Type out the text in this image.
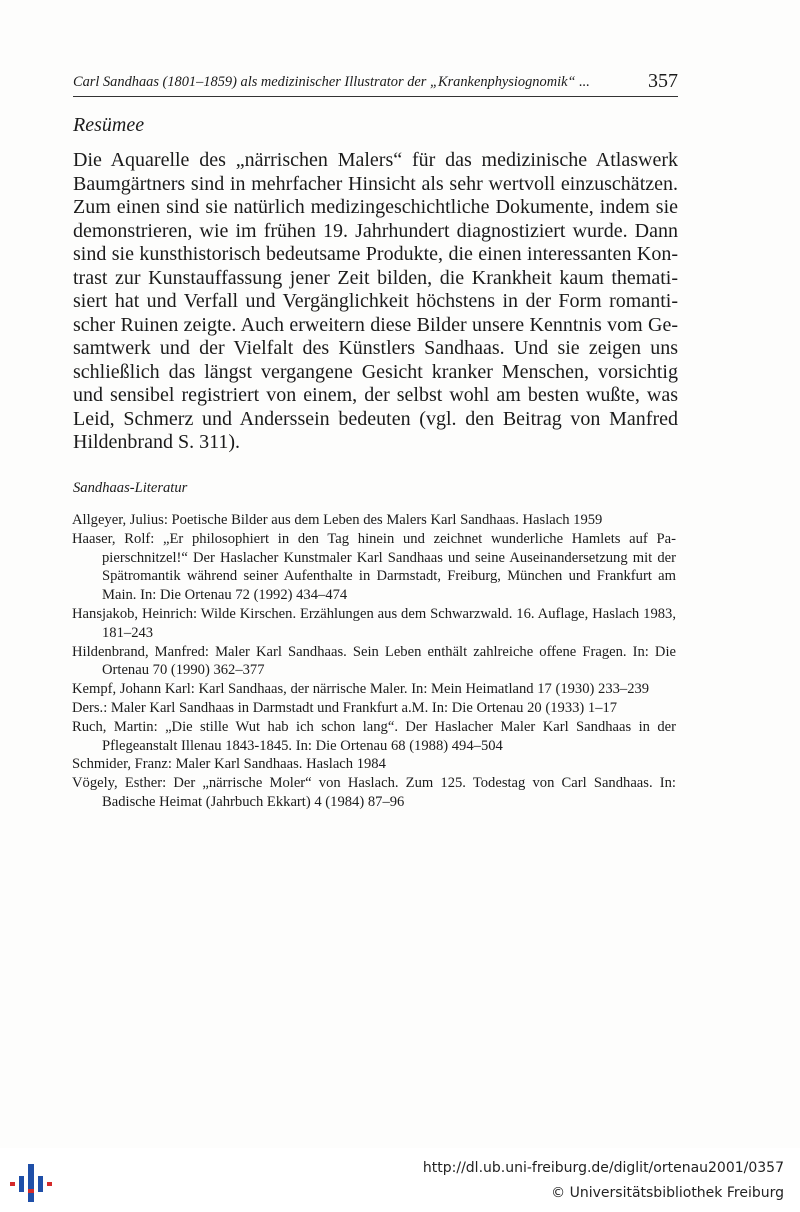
Carl Sandhaas (1801–1859) als medizinischer Illustrator der „Krankenphysiognomik“ ...	357
Resümee

Die Aquarelle des „närrischen Malers“ für das medizinische Atlaswerk Baumgärtners sind in mehrfacher Hinsicht als sehr wertvoll einzuschätzen. Zum einen sind sie natürlich medizingeschichtliche Dokumente, indem sie demonstrieren, wie im frühen 19. Jahrhundert diagnostiziert wurde. Dann sind sie kunsthistorisch bedeutsame Produkte, die einen interessanten Kontrast zur Kunstauffassung jener Zeit bilden, die Krankheit kaum thematisiert hat und Verfall und Vergänglichkeit höchstens in der Form romantischer Ruinen zeigte. Auch erweitern diese Bilder unsere Kenntnis vom Gesamtwerk und der Vielfalt des Künstlers Sandhaas. Und sie zeigen uns schließlich das längst vergangene Gesicht kranker Menschen, vorsichtig und sensibel registriert von einem, der selbst wohl am besten wußte, was Leid, Schmerz und Anderssein bedeuten (vgl. den Beitrag von Manfred Hildenbrand S. 311).

Sandhaas-Literatur

Allgeyer, Julius: Poetische Bilder aus dem Leben des Malers Karl Sandhaas. Haslach 1959

Haaser, Rolf: „Er philosophiert in den Tag hinein und zeichnet wunderliche Hamlets auf Papierschnitzel!“ Der Haslacher Kunstmaler Karl Sandhaas und seine Auseinandersetzung mit der Spätromantik während seiner Aufenthalte in Darmstadt, Freiburg, München und Frankfurt am Main. In: Die Ortenau 72 (1992) 434–474

Hansjakob, Heinrich: Wilde Kirschen. Erzählungen aus dem Schwarzwald. 16. Auflage, Haslach 1983, 181–243

Hildenbrand, Manfred: Maler Karl Sandhaas. Sein Leben enthält zahlreiche offene Fragen. In: Die Ortenau 70 (1990) 362–377

Kempf, Johann Karl: Karl Sandhaas, der närrische Maler. In: Mein Heimatland 17 (1930) 233–239

Ders.: Maler Karl Sandhaas in Darmstadt und Frankfurt a.M. In: Die Ortenau 20 (1933) 1–17

Ruch, Martin: „Die stille Wut hab ich schon lang“. Der Haslacher Maler Karl Sandhaas in der Pflegeanstalt Illenau 1843-1845. In: Die Ortenau 68 (1988) 494–504

Schmider, Franz: Maler Karl Sandhaas. Haslach 1984

Vögely, Esther: Der „närrische Moler“ von Haslach. Zum 125. Todestag von Carl Sandhaas. In: Badische Heimat (Jahrbuch Ekkart) 4 (1984) 87–96

http://dl.ub.uni-freiburg.de/diglit/ortenau2001/0357
© Universitätsbibliothek Freiburg
